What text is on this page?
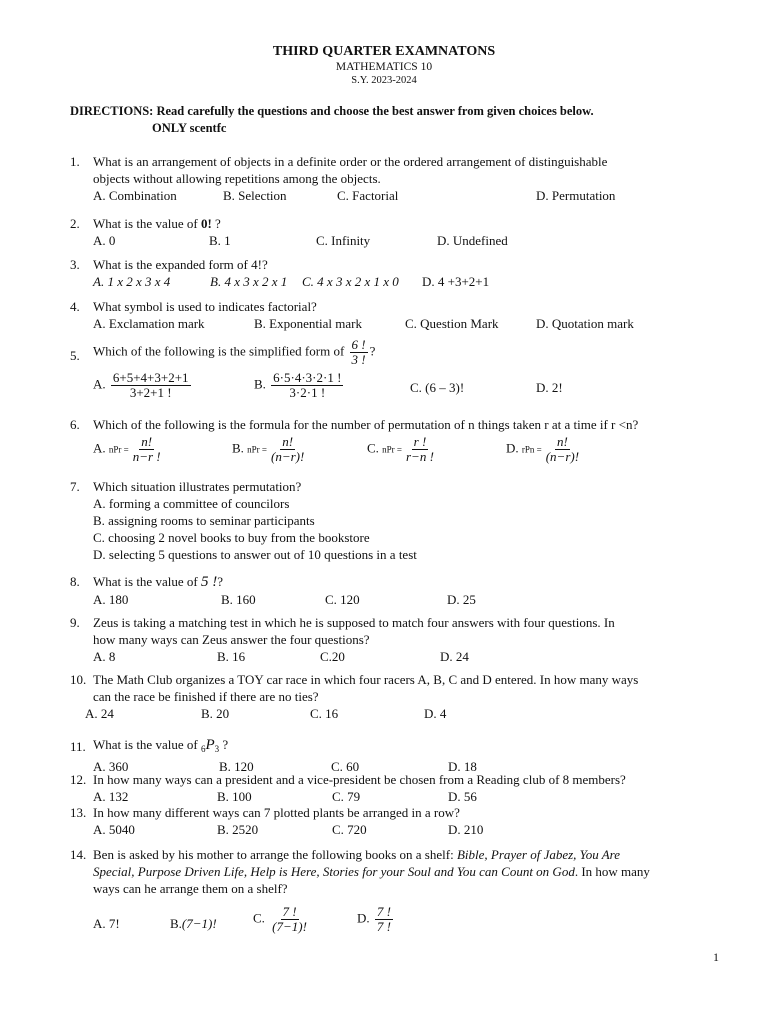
THIRD QUARTER EXAMNATONS
MATHEMATICS 10
S.Y. 2023-2024
DIRECTIONS: Read carefully the questions and choose the best answer from given choices below.
ONLY scentfc
1.	What is an arrangement of objects in a definite order or the ordered arrangement of distinguishable
objects without allowing repetitions among the objects.
A. Combination	B. Selection	C. Factorial	D. Permutation
2.	What is the value of 0! ?
A. 0	B. 1	C. Infinity	D. Undefined
3.	What is the expanded form of 4!?
A. 1 x 2 x 3 x 4	B. 4 x 3 x 2 x 1 C. 4 x 3 x 2 x 1 x 0 D. 4 +3+2+1
4.	What symbol is used to indicates factorial?
A. Exclamation mark	B. Exponential mark	C. Question Mark	D. Quotation mark
5.	Which of the following is the simplified form of $\frac{6 !}{3 !}$ ?
A. $\frac{6+5+4+3+2+1}{3+2+1 !}$	B. $\frac{6\cdot 5\cdot 4\cdot 3\cdot 2\cdot 1 !}{3\cdot 2\cdot 1 !}$	C. (6 – 3)!	D. 2!
6.	Which of the following is the formula for the number of permutation of n things taken r at a time if r <n?
A. nPr = $\frac{n!}{n-r !}$	B. nPr = $\frac{n!}{(n-r)!}$	C. nPr = $\frac{r !}{r-n !}$	D. rPn = $\frac{n!}{(n-r)!}$
7.	Which situation illustrates permutation?
A. forming a committee of councilors
B. assigning rooms to seminar participants
C. choosing 2 novel books to buy from the bookstore
D. selecting 5 questions to answer out of 10 questions in a test
8.	What is the value of 5 !?
A. 180	B. 160	C. 120	D. 25
9.	Zeus is taking a matching test in which he is supposed to match four answers with four questions. In
how many ways can Zeus answer the four questions?
A. 8	B. 16	C.20	D. 24
10. The Math Club organizes a TOY car race in which four racers A, B, C and D entered. In how many ways
can the race be finished if there are no ties?
A. 24	B. 20	C. 16	D. 4
11. What is the value of $_6P_3$ ?
A. 360	B. 120	C. 60	D. 18
12. In how many ways can a president and a vice-president be chosen from a Reading club of 8 members?
A. 132	B. 100	C. 79	D. 56
13. In how many different ways can 7 plotted plants be arranged in a row?
A. 5040	B. 2520	C. 720	D. 210
14. Ben is asked by his mother to arrange the following books on a shelf: Bible, Prayer of Jabez, You Are
Special, Purpose Driven Life, Help is Here, Stories for your Soul and You can Count on God. In how many
ways can he arrange them on a shelf?
A. 7!	B.(7−1)!	C. $\frac{7 !}{(7-1)!}$	D. $\frac{7 !}{7 !}$
1
